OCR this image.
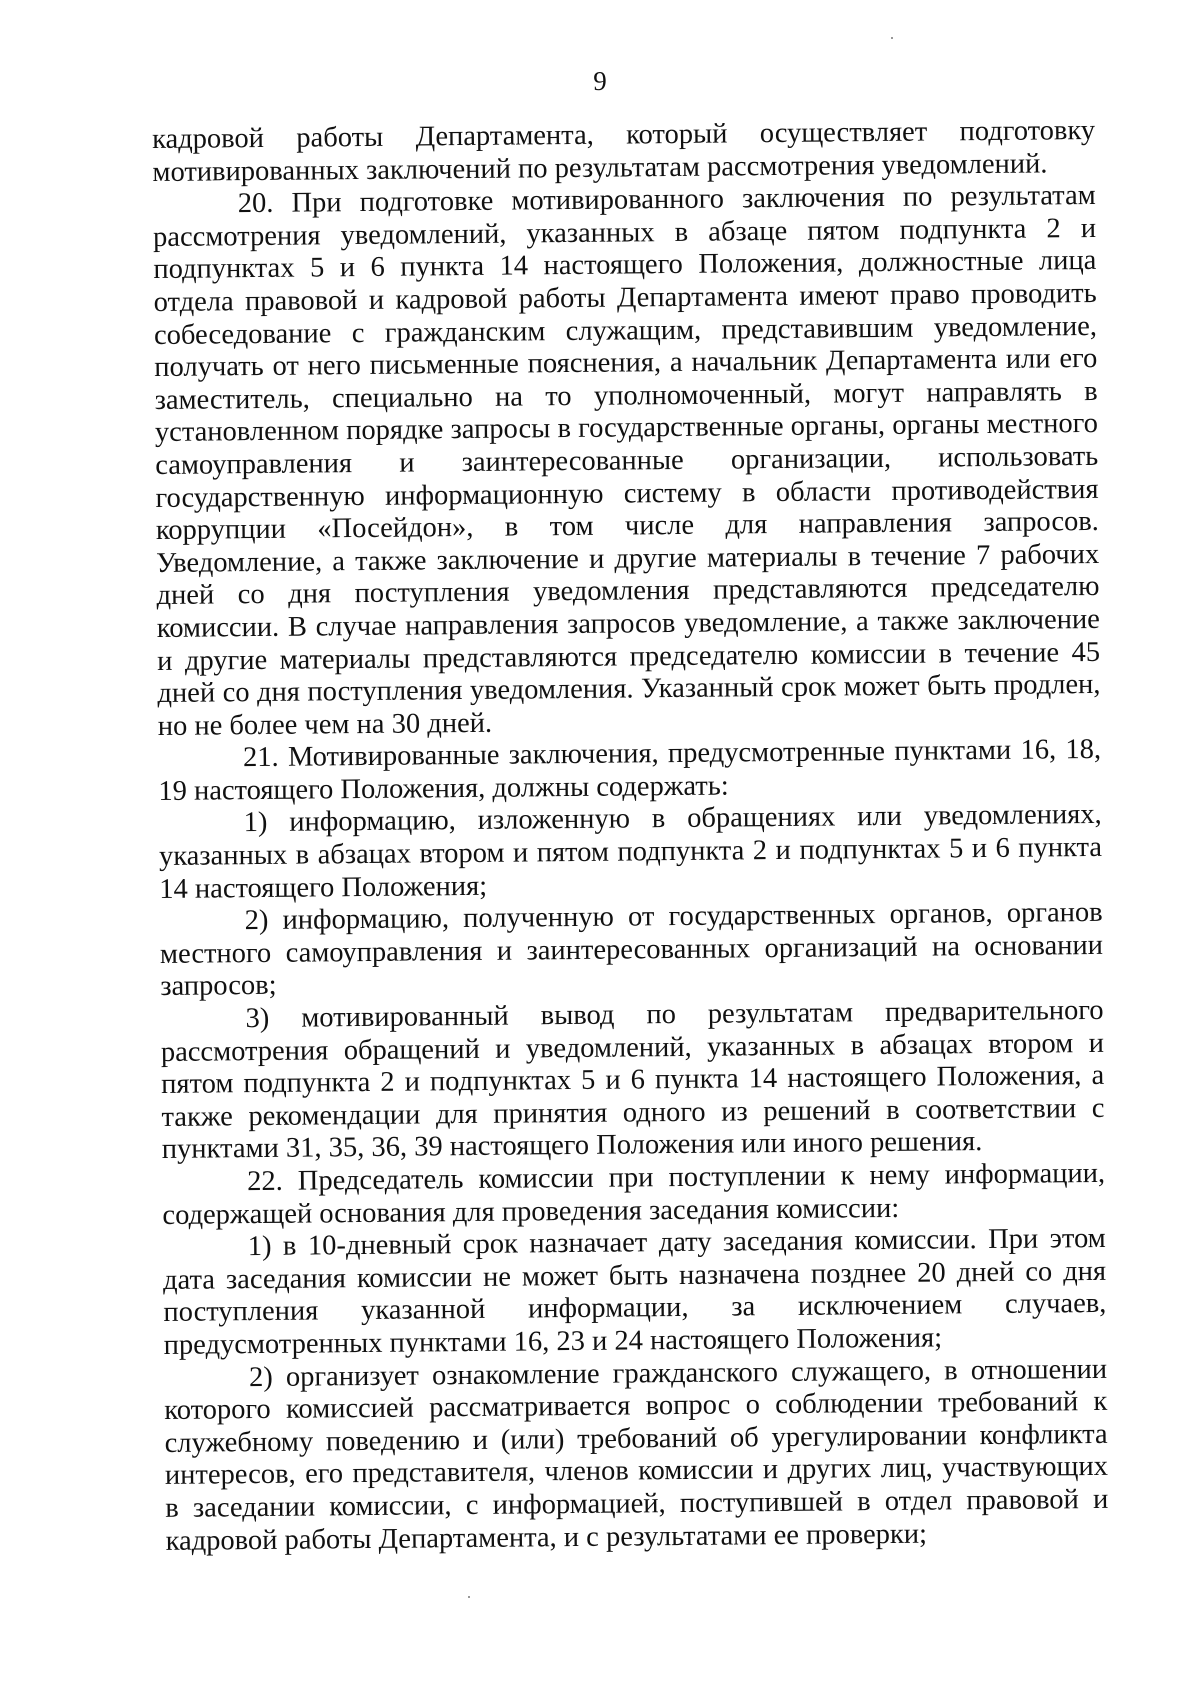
9

кадровой работы Департамента, который осуществляет подготовку мотивированных заключений по результатам рассмотрения уведомлений.

20. При подготовке мотивированного заключения по результатам рассмотрения уведомлений, указанных в абзаце пятом подпункта 2 и подпунктах 5 и 6 пункта 14 настоящего Положения, должностные лица отдела правовой и кадровой работы Департамента имеют право проводить собеседование с гражданским служащим, представившим уведомление, получать от него письменные пояснения, а начальник Департамента или его заместитель, специально на то уполномоченный, могут направлять в установленном порядке запросы в государственные органы, органы местного самоуправления и заинтересованные организации, использовать государственную информационную систему в области противодействия коррупции «Посейдон», в том числе для направления запросов. Уведомление, а также заключение и другие материалы в течение 7 рабочих дней со дня поступления уведомления представляются председателю комиссии. В случае направления запросов уведомление, а также заключение и другие материалы представляются председателю комиссии в течение 45 дней со дня поступления уведомления. Указанный срок может быть продлен, но не более чем на 30 дней.

21. Мотивированные заключения, предусмотренные пунктами 16, 18, 19 настоящего Положения, должны содержать:

1) информацию, изложенную в обращениях или уведомлениях, указанных в абзацах втором и пятом подпункта 2 и подпунктах 5 и 6 пункта 14 настоящего Положения;

2) информацию, полученную от государственных органов, органов местного самоуправления и заинтересованных организаций на основании запросов;

3) мотивированный вывод по результатам предварительного рассмотрения обращений и уведомлений, указанных в абзацах втором и пятом подпункта 2 и подпунктах 5 и 6 пункта 14 настоящего Положения, а также рекомендации для принятия одного из решений в соответствии с пунктами 31, 35, 36, 39 настоящего Положения или иного решения.

22. Председатель комиссии при поступлении к нему информации, содержащей основания для проведения заседания комиссии:

1) в 10-дневный срок назначает дату заседания комиссии. При этом дата заседания комиссии не может быть назначена позднее 20 дней со дня поступления указанной информации, за исключением случаев, предусмотренных пунктами 16, 23 и 24 настоящего Положения;

2) организует ознакомление гражданского служащего, в отношении которого комиссией рассматривается вопрос о соблюдении требований к служебному поведению и (или) требований об урегулировании конфликта интересов, его представителя, членов комиссии и других лиц, участвующих в заседании комиссии, с информацией, поступившей в отдел правовой и кадровой работы Департамента, и с результатами ее проверки;
